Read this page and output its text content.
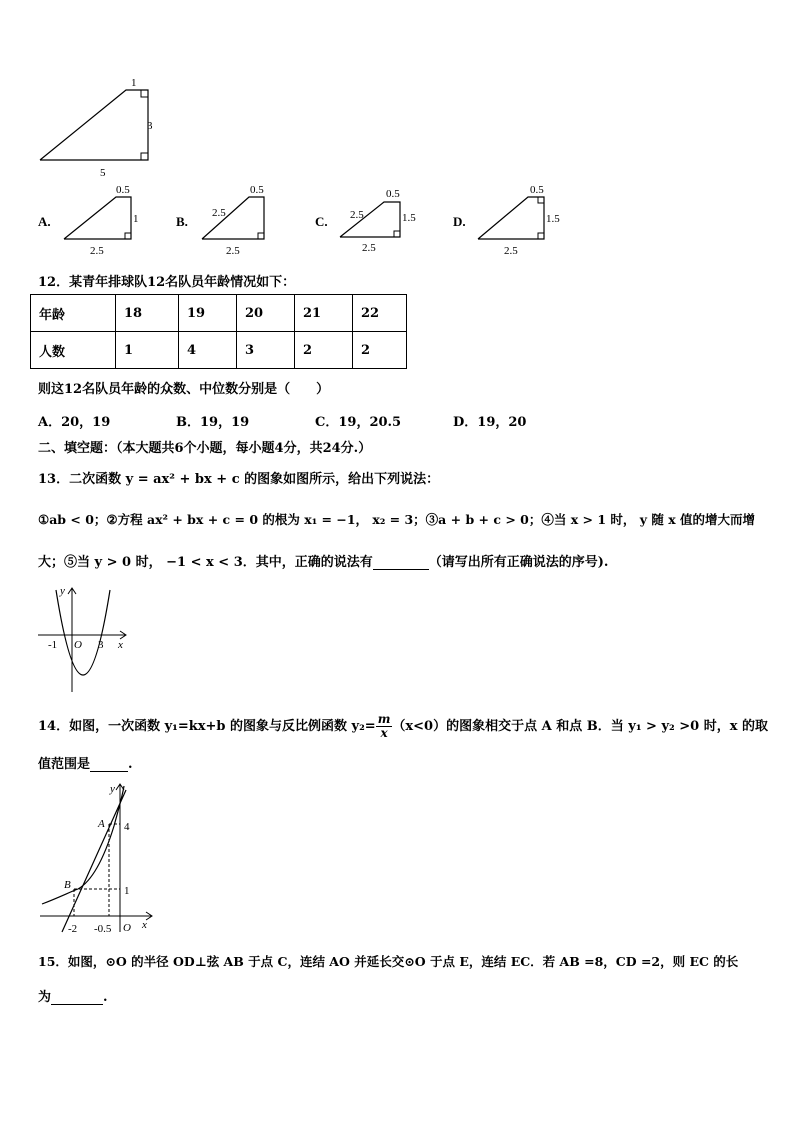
1
3
5
A.
0.5
1
2.5
B.
0.5
2.5
2.5
C.
0.5
2.5	1.5
2.5
D.
0.5
1.5
2.5
12．某青年排球队12名队员年龄情况如下：
年龄	18	19	20	21	22
人数	1	4	3	2	2
则这12名队员年龄的众数、中位数分别是（　　）
A．20，19	B．19，19	C．19，20.5	D．19，20
二、填空题：（本大题共6个小题，每小题4分，共24分.）
13．二次函数 y = ax² + bx + c 的图象如图所示，给出下列说法：
①ab < 0；②方程 ax² + bx + c = 0 的根为 x₁ = −1， x₂ = 3；③a + b + c > 0；④当 x > 1 时， y 随 x 值的增大而增
大；⑤当 y > 0 时， −1 < x < 3．其中，正确的说法有	（请写出所有正确说法的序号).
y
x
O
-1	3
14．如图，一次函数 y₁=kx+b 的图象与反比例函数 $y_2= \frac{m}{x} (x<0)$的图象相交于点 A 和点 B．当 y₁ > y₂ >0 时，x 的取
值范围是	.
y
x
O
A
B
4
1
-2 -0.5
15．如图，⊙O 的半径 OD⊥弦 AB 于点 C，连结 AO 并延长交⊙O 于点 E，连结 EC．若 AB =8，CD =2，则 EC 的长
为	.
